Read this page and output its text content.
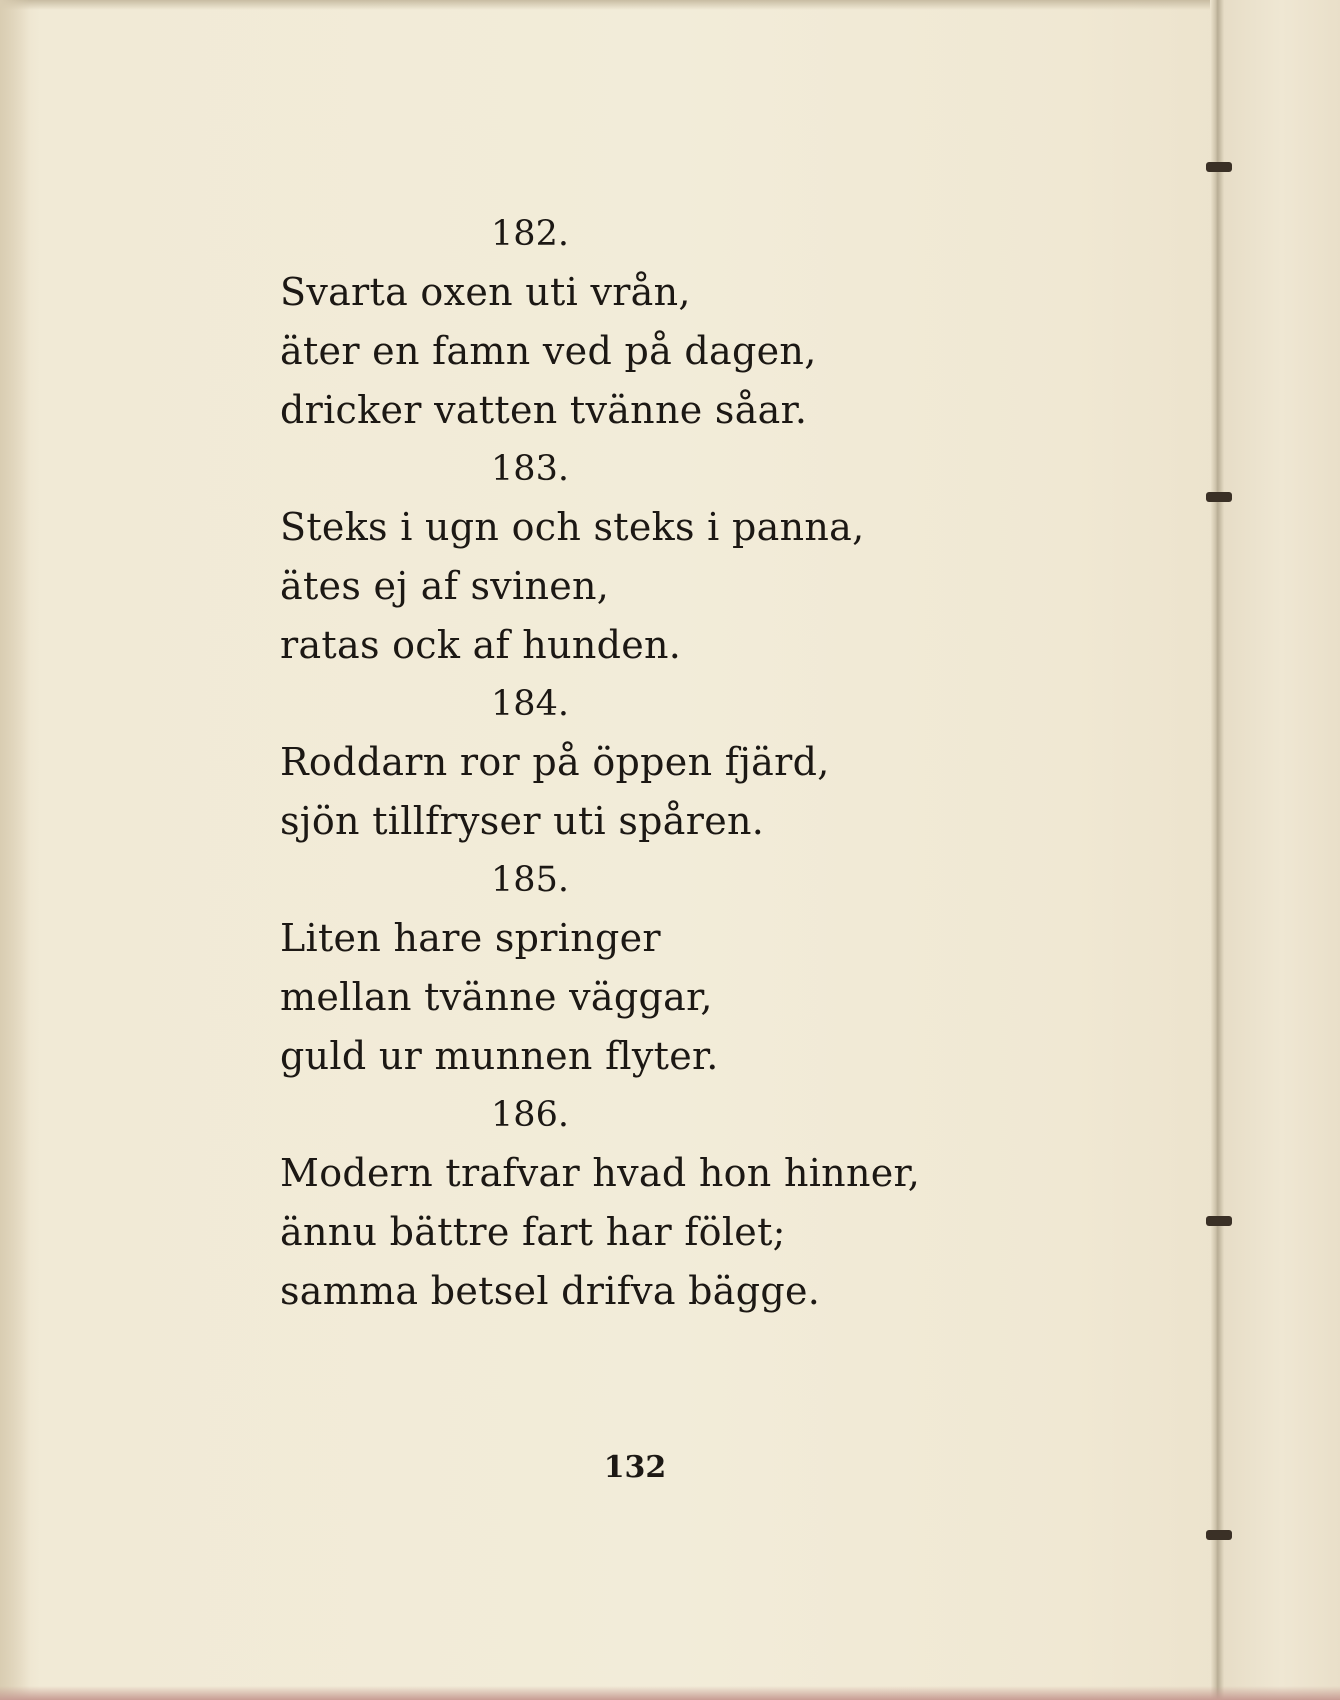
182.
Svarta oxen uti vrån,
äter en famn ved på dagen,
dricker vatten tvänne såar.
183.
Steks i ugn och steks i panna,
ätes ej af svinen,
ratas ock af hunden.
184.
Roddarn ror på öppen fjärd,
sjön tillfryser uti spåren.
185.
Liten hare springer
mellan tvänne väggar,
guld ur munnen flyter.
186.
Modern trafvar hvad hon hinner,
ännu bättre fart har fölet;
samma betsel drifva bägge.
132
